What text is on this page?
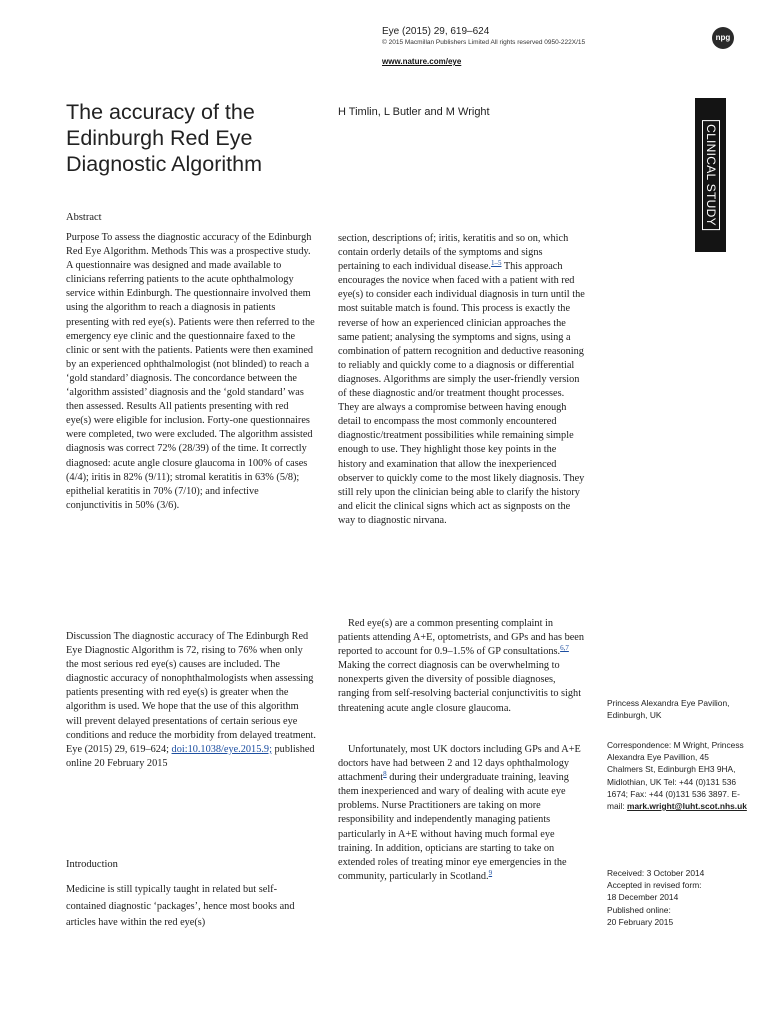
Eye (2015) 29, 619–624
© 2015 Macmillan Publishers Limited All rights reserved 0950-222X/15
www.nature.com/eye
npg
CLINICAL STUDY
The accuracy of the Edinburgh Red Eye Diagnostic Algorithm
H Timlin, L Butler and M Wright
Abstract

Purpose To assess the diagnostic accuracy of the Edinburgh Red Eye Algorithm. Methods This was a prospective study.

A questionnaire was designed and made available to clinicians referring patients to the acute ophthalmology service within Edinburgh. The questionnaire involved them using the algorithm to reach a diagnosis in patients presenting with red eye(s). Patients were then referred to the emergency eye clinic and the questionnaire faxed to the clinic or sent with the patients. Patients were then examined by an experienced ophthalmologist (not blinded) to reach a ‘gold standard’ diagnosis. The concordance between the ‘algorithm assisted’ diagnosis and the ‘gold standard’ was then assessed. Results All patients presenting with red eye(s) were eligible for inclusion. Forty-one questionnaires were completed, two were excluded. The algorithm assisted diagnosis was correct 72% (28/39) of the time. It correctly diagnosed: acute angle closure glaucoma in 100% of cases (4/4); iritis in 82% (9/11); stromal keratitis in 63% (5/8); epithelial keratitis in 70% (7/10); and infective conjunctivitis in 50% (3/6).

Discussion The diagnostic accuracy of The Edinburgh Red Eye Diagnostic Algorithm is 72, rising to 76% when only the most serious red eye(s) causes are included. The diagnostic accuracy of nonophthalmologists when assessing patients presenting with red eye(s) is greater when the algorithm is used. We hope that the use of this algorithm will prevent delayed presentations of certain serious eye conditions and reduce the morbidity from delayed treatment. Eye (2015) 29, 619–624; doi:10.1038/eye.2015.9; published online 20 February 2015

Introduction
Medicine is still typically taught in related but self-contained diagnostic ‘packages’, hence most books and articles have within the red eye(s)

section, descriptions of; iritis, keratitis and so on, which contain orderly details of the symptoms and signs pertaining to each individual disease.$^{1-5}$ This approach encourages the novice when faced with a patient with red eye(s) to consider each individual diagnosis in turn until the most suitable match is found. This process is exactly the reverse of how an experienced clinician approaches the same patient; analysing the symptoms and signs, using a combination of pattern recognition and deductive reasoning to reliably and quickly come to a diagnosis or differential diagnoses. Algorithms are simply the user-friendly version of these diagnostic and/or treatment thought processes. They are always a compromise between having enough detail to encompass the most commonly encountered diagnostic/treatment possibilities while remaining simple enough to use. They highlight those key points in the history and examination that allow the inexperienced observer to quickly come to the most likely diagnosis. They still rely upon the clinician being able to clarify the history and elicit the clinical signs which act as signposts on the way to diagnostic nirvana.

Red eye(s) are a common presenting complaint in patients attending A+E, optometrists, and GPs and has been reported to account for 0.9–1.5% of GP consultations.$^{6,7}$ Making the correct diagnosis can be overwhelming to nonexperts given the diversity of possible diagnoses, ranging from self-resolving bacterial conjunctivitis to sight threatening acute angle closure glaucoma.

Unfortunately, most UK doctors including GPs and A+E doctors have had between 2 and 12 days ophthalmology attachment$^8$ during their undergraduate training, leaving them inexperienced and wary of dealing with acute eye problems. Nurse Practitioners are taking on more responsibility and independently managing patients particularly in A+E without having much formal eye training. In addition, opticians are starting to take on extended roles of treating minor eye emergencies in the community, particularly in Scotland.$^9$

Princess Alexandra Eye Pavilion, Edinburgh, UK
Correspondence: M Wright, Princess Alexandra Eye Pavillion, 45 Chalmers St, Edinburgh EH3 9HA, Midlothian, UK Tel: +44 (0)131 536 1674; Fax: +44 (0)131 536 3897. E-mail: mark.wright@luht.scot.nhs.uk
Received: 3 October 2014
Accepted in revised form:
18 December 2014
Published online:
20 February 2015
